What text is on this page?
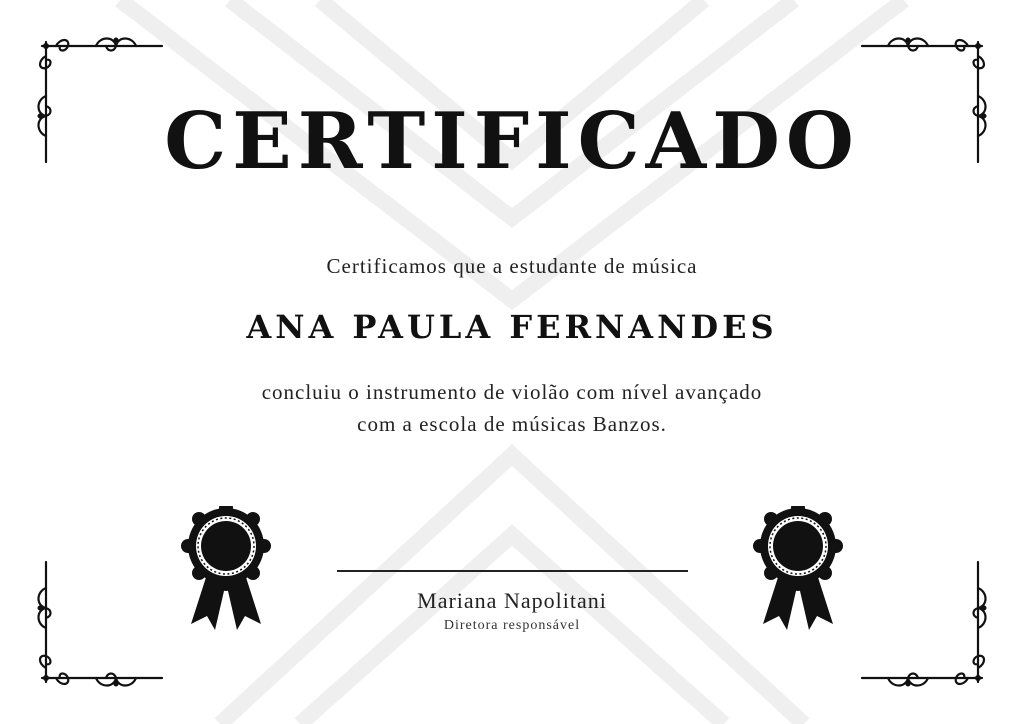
CERTIFICADO
Certificamos que a estudante de música
ANA PAULA FERNANDES
concluiu o instrumento de violão com nível avançado
com a escola de músicas Banzos.
Mariana Napolitani
Diretora responsável
